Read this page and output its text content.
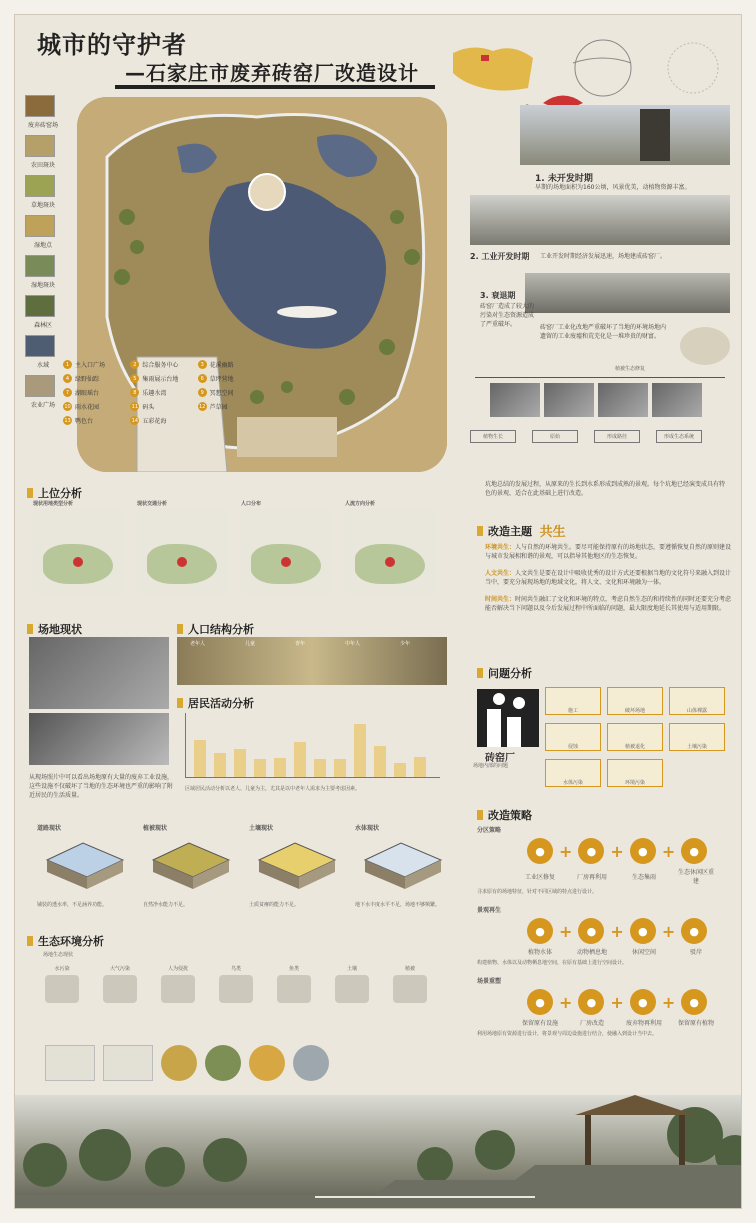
城市的守护者
—石家庄市废弃砖窑厂改造设计
废弃砖窑场
农田斑块
草地斑块
湿地点
湿地斑块
森林区
水域
农业广场
1 主入口广场	2 综合服务中心	3 花溪幽路
4 绿野仙踪	5 集雨展示台地	6 草坪营地
7 湖眼瑶台	8 乐趣水湾	9 冥想空间
10 雨水花园	11 码头	12 芦草园
13 鸭色台	14 五彩花海
1. 未开发时期
早期的场地面积为160公顷，风景优美，动植物资源丰富。
2. 工业开发时期 工业开发时期经济发展迅速，场地建成砖窑厂。
3. 衰退期
砖窑厂造成了较大的污染对生态资源造成了严重破坏。	砖窑厂工业化改地严重破坏了当地的环境场地内遗留的工业废墟和荒芜化是一堆珍贵的财富。
植被生态修复
植物生长	原始	形成路径	形成生态系统
坑地总结的发展过程，从原来的生长到水系形成到成熟的景观。每个坑地已经演变成具有特色的景观，适合在此基础上进行改造。
上位分析
现状用地类型分析	现状交通分析	人口分布	人流方向分析
场地现状
从现场照片中可以看出场地原有大量的废弃工业设施，这些设施不仅破坏了当地的生态环境也严重的影响了附近居民的生活质量。
人口结构分析
老年人	儿童	青年	中年人	少年
居民活动分析
区域居民活动分析以老人、儿童为主，尤其是以中老年人需求为主要考虑因素。
改造主题
共生
环境共生：人与自然的环境共生。要尽可能保持原有的场地状态，要遵循恢复自然的原则建设与城市发展相和谐的景观，可以指导其他地区的生态恢复。
人文共生：人文共生是要在设计中吸收优秀的设计方式还要根据当地的文化符号来融入到设计当中，要充分展现场地的地域文化，将人文、文化和环境融为一体。
时间共生：时间共生融汇了文化和环境的特点，考虑自然生态的和持续性的同时还要充分考虑能否解决当下问题以及今后发展过程中所面临的问题，最大限度地延长其使用与适用期限。
问题分析
砖窑厂
场地内部的问题
施工	破坏场地	山体裸露
侵蚀	植被退化	土壤污染
水体污染	环境污染
道路现状
铺装的透水率，不足涵养功能。
植被现状
自然净水能力不足。
土壤现状
土质贫瘠的能力不足。
水体现状
地下水丰度水平不足，场地不够频繁。
生态环境分析
场地生态现状
水污染	大气污染	人为侵扰	鸟类	鱼类	土壤	植被
改造策略
分区策略
● +	● +	● +	●
工业区修复	厂房再利用	生态集雨
生态休闲区重建
寻求原有的场地特征，针对不同区域的特点进行设计。
景观再生
● +	● +	● +	●
植物水体	动物栖息地	休闲空间	驳岸
构建植物、水体以及动物栖息地空间，在原有基础上进行空间设计。
场景重塑
● +	● +	● +	●
保留原有设施	厂房改造	废弃物再利用	保留原有植物
利用场地原有资源进行设计，将景观与周边设施进行结合，使融入到设计当中去。
